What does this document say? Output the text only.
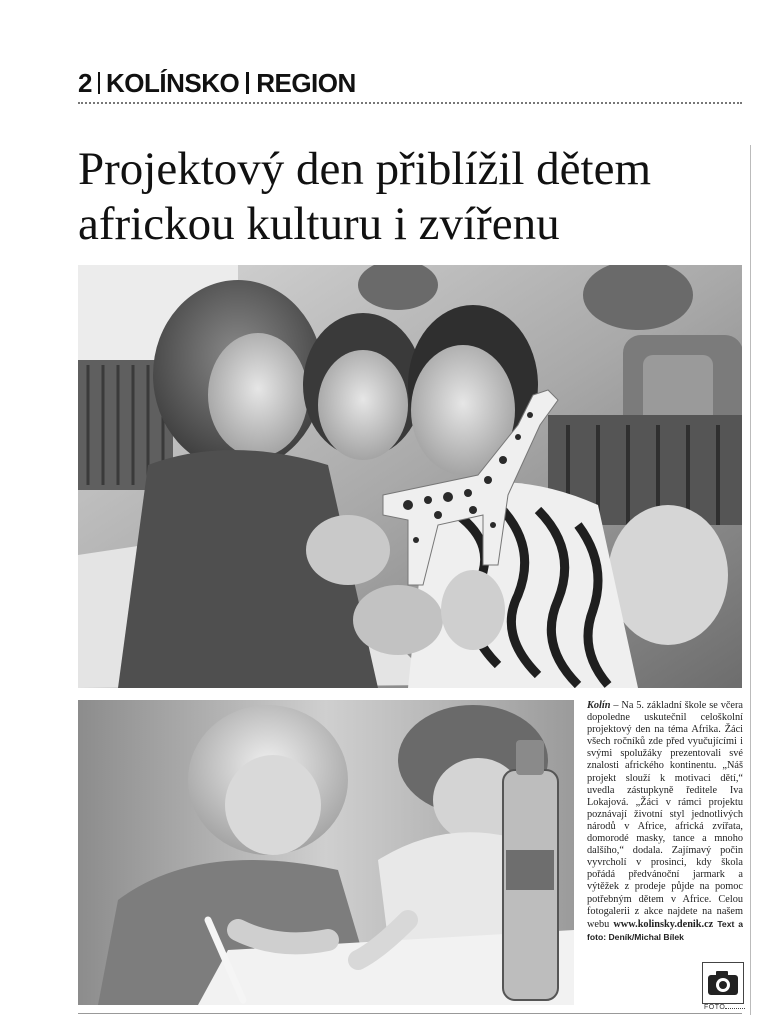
2 KOLÍNSKO REGION
Projektový den přiblížil dětem
africkou kulturu i zvířenu
Kolín – Na 5. základní škole se včera dopoledne uskutečnil celoškolní projektový den na téma Afrika. Žáci všech ročníků zde před vyučujícími i svými spolužáky prezentovali své znalosti afrického kontinentu. „Náš projekt slouží k motivaci dětí,“ uvedla zástupkyně ředitele Iva Lokajová. „Žáci v rámci projektu poznávají životní styl jednotlivých národů v Africe, africká zvířata, domorodé masky, tance a mnoho dalšího,“ dodala. Zajímavý počin vyvrcholí v prosinci, kdy škola pořádá předvánoční jarmark a výtěžek z prodeje půjde na pomoc potřebným dětem v Africe. Celou fotogalerii z akce najdete na našem webu www.kolinsky.denik.cz Text a foto: Deník/Michal Bílek
FOTO
